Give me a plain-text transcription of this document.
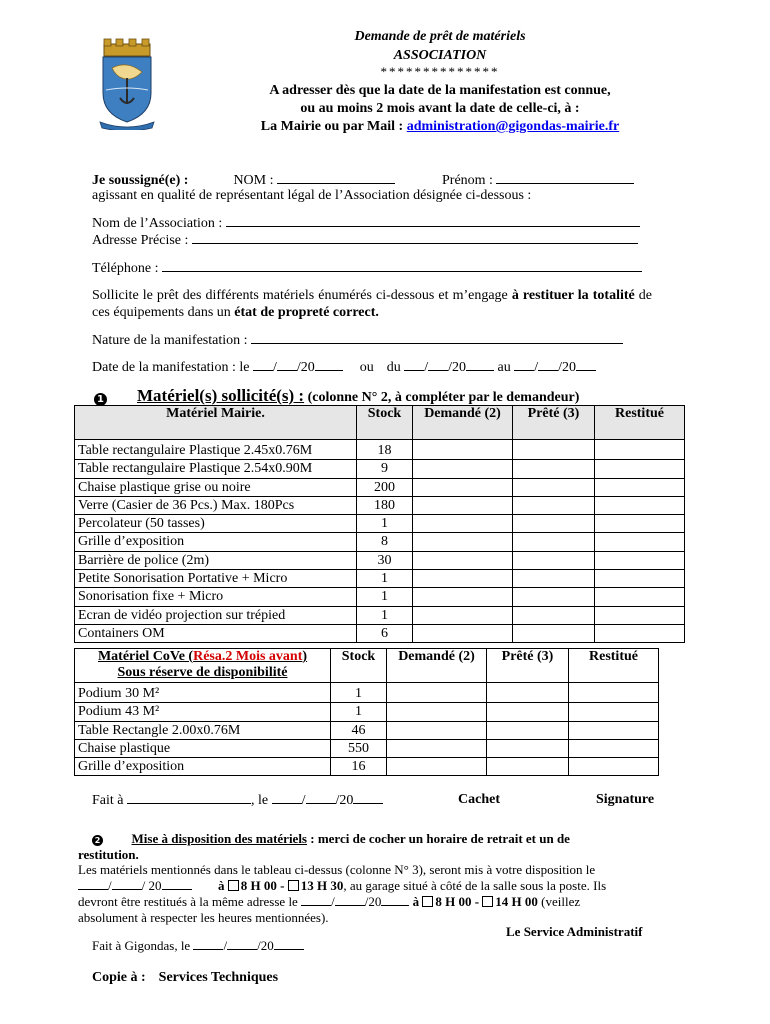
Demande de prêt de matériels
ASSOCIATION
**************
A adresser dès que la date de la manifestation est connue,
ou au moins 2 mois avant la date de celle-ci, à :
La Mairie ou par Mail : administration@gigondas-mairie.fr
Je soussigné(e) :	NOM :	Prénom :
agissant en qualité de représentant légal de l’Association désignée ci-dessous :
Nom de l’Association :
Adresse Précise :
Téléphone :
Sollicite le prêt des différents matériels énumérés ci-dessous et m’engage à restituer la totalité de ces équipements dans un état de propreté correct.
Nature de la manifestation :
Date de la manifestation : le / /20	ou du / /20 au / /20
1 Matériel(s) sollicité(s) : (colonne N° 2, à compléter par le demandeur)
Matériel Mairie.	Stock	Demandé (2)	Prêté (3)	Restitué
Table rectangulaire Plastique 2.45x0.76M	18			
Table rectangulaire Plastique 2.54x0.90M	9			
Chaise plastique grise ou noire	200			
Verre (Casier de 36 Pcs.) Max. 180Pcs	180			
Percolateur (50 tasses)	1			
Grille d’exposition	8			
Barrière de police (2m)	30			
Petite Sonorisation Portative + Micro	1			
Sonorisation fixe + Micro	1			
Ecran de vidéo projection sur trépied	1			
Containers OM	6			
Matériel CoVe (Résa.2 Mois avant)
Sous réserve de disponibilité	Stock	Demandé (2)	Prêté (3)	Restitué
Podium 30 M²	1			
Podium 43 M²	1			
Table Rectangle 2.00x0.76M	46			
Chaise plastique	550			
Grille d’exposition	16			
Fait à	, le / /20	Cachet	Signature
2 Mise à disposition des matériels : merci de cocher un horaire de retrait et un de
restitution.
Les matériels mentionnés dans le tableau ci-dessus (colonne N° 3), seront mis à votre disposition le
/ / 20	à 8 H 00 - 13 H 30, au garage situé à côté de la salle sous la poste. Ils
devront être restitués à la même adresse le	/ /20 à 8 H 00 - 14 H 00 (veillez
absolument à respecter les heures mentionnées).
Le Service Administratif
Fait à Gigondas, le	/ /20
Copie à : Services Techniques
